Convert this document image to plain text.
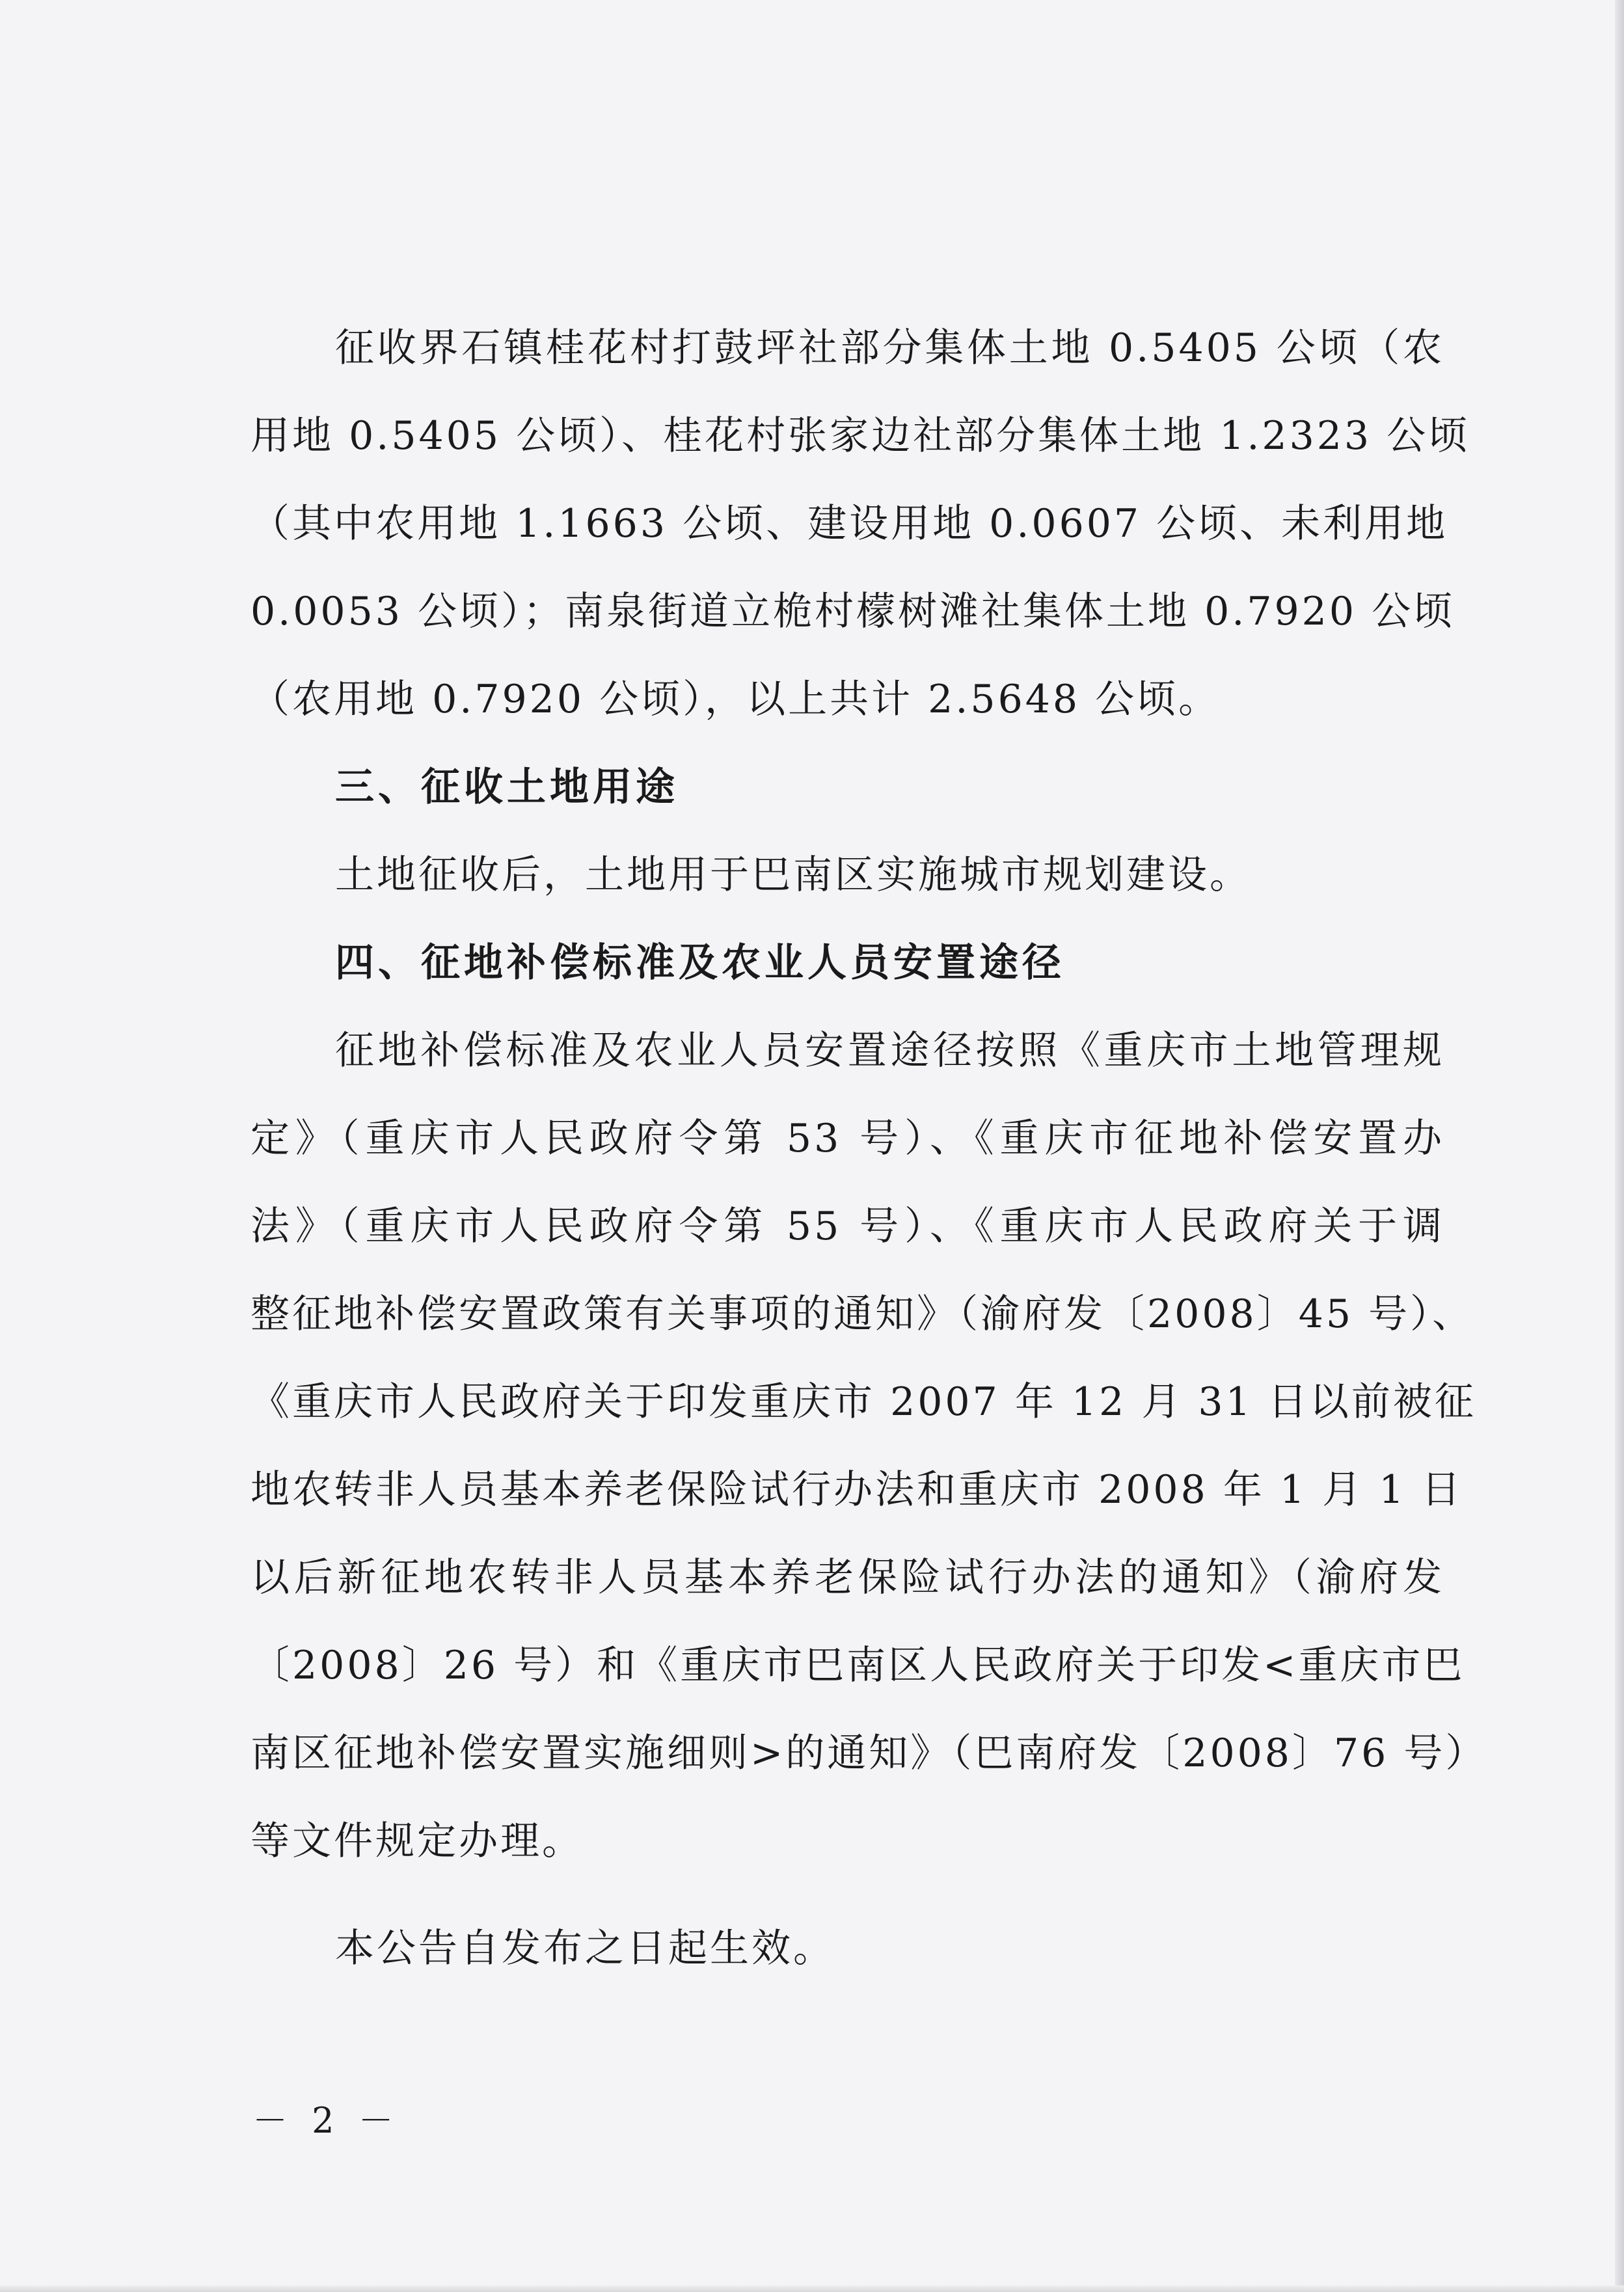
征收界石镇桂花村打鼓坪社部分集体土地 0.5405 公顷（农
用地 0.5405 公顷）、桂花村张家边社部分集体土地 1.2323 公顷
（其中农用地 1.1663 公顷、建设用地 0.0607 公顷、未利用地
0.0053 公顷）；南泉街道立桅村檬树滩社集体土地 0.7920 公顷
（农用地 0.7920 公顷），以上共计 2.5648 公顷。
三、征收土地用途
土地征收后，土地用于巴南区实施城市规划建设。
四、征地补偿标准及农业人员安置途径
征地补偿标准及农业人员安置途径按照《重庆市土地管理规
定》（重庆市人民政府令第 53 号）、《重庆市征地补偿安置办
法》（重庆市人民政府令第 55 号）、《重庆市人民政府关于调
整征地补偿安置政策有关事项的通知》（渝府发〔2008〕45 号）、
《重庆市人民政府关于印发重庆市 2007 年 12 月 31 日以前被征
地农转非人员基本养老保险试行办法和重庆市 2008 年 1 月 1 日
以后新征地农转非人员基本养老保险试行办法的通知》（渝府发
〔2008〕26 号）和《重庆市巴南区人民政府关于印发<重庆市巴
南区征地补偿安置实施细则>的通知》（巴南府发〔2008〕76 号）
等文件规定办理。
本公告自发布之日起生效。
－ 2 －
